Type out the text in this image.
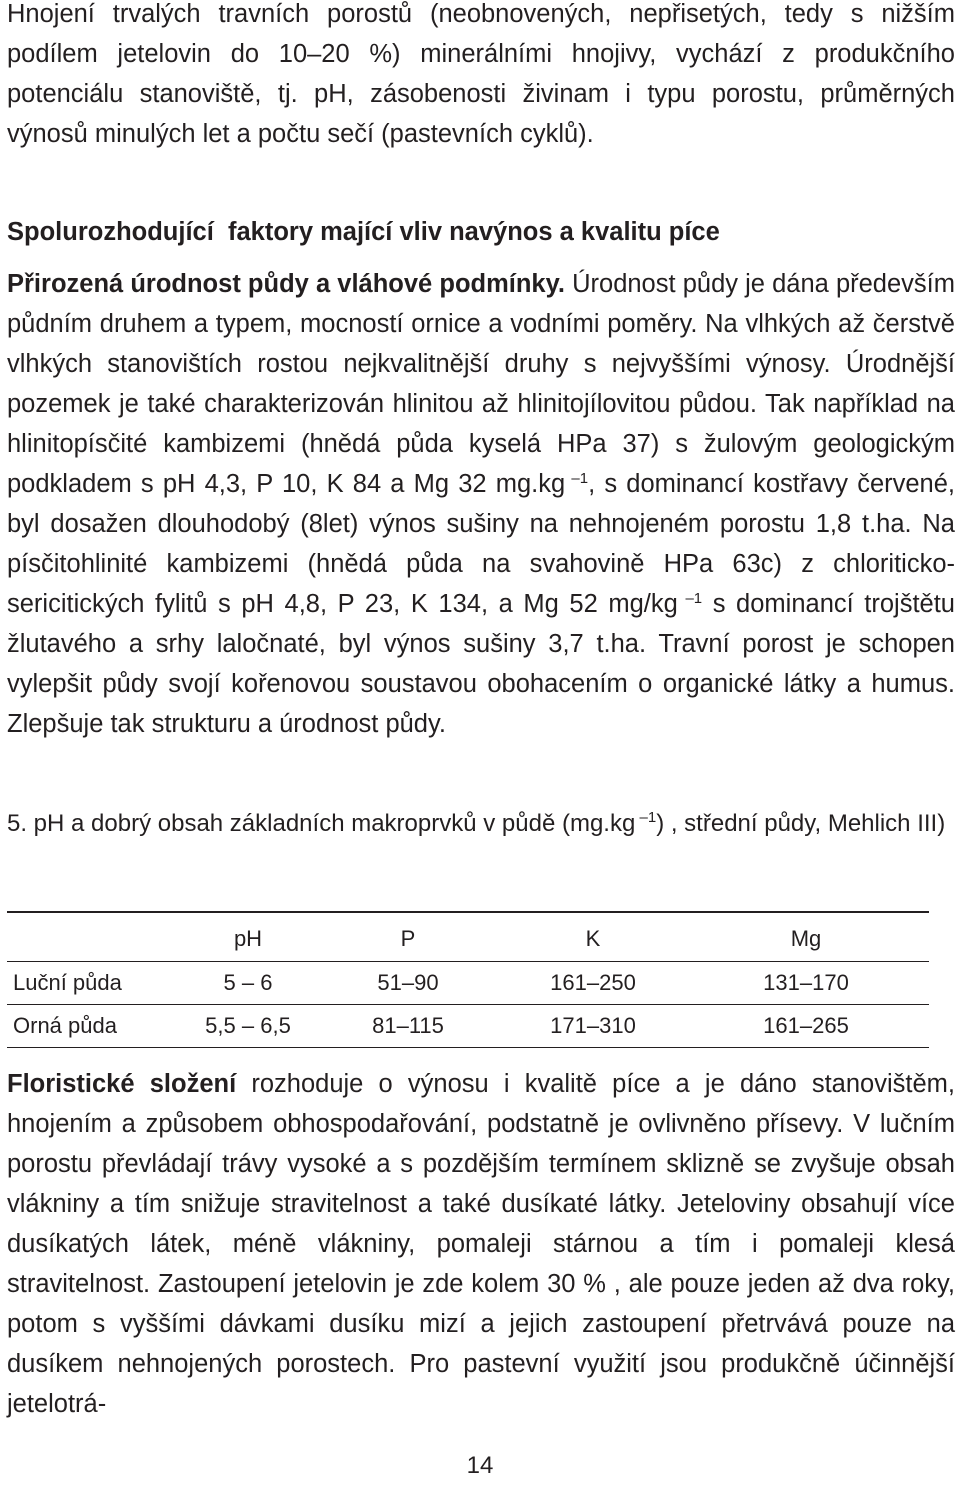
Hnojení trvalých travních porostů (neobnovených, nepřisetých, tedy s nižším podílem jetelovin do 10–20 %) minerálními hnojivy, vychází z produkčního potenciálu stanoviště, tj. pH, zásobenosti živinam i typu porostu, průměrných výnosů minulých let a počtu sečí (pastevních cyklů).

Spolurozhodující  faktory mající vliv navýnos a kvalitu píce

Přirozená úrodnost půdy a vláhové podmínky. Úrodnost půdy je dána především půdním druhem a typem, mocností ornice a vodními poměry. Na vlhkých až čerstvě vlhkých stanovištích rostou nejkvalitnější druhy s nejvyššími výnosy. Úrodnější pozemek je také charakterizován hlinitou až hlinitojílovitou půdou. Tak například na hlinitopísčité kambizemi (hnědá půda kyselá HPa 37) s žulovým geologickým podkladem s pH 4,3, P 10, K 84 a Mg 32 mg.kg $^{-1}$, s dominancí kostřavy červené, byl dosažen dlouhodobý (8let) výnos sušiny na nehnojeném porostu 1,8 t.ha. Na písčitohlinité kambizemi (hnědá půda na svahovině HPa 63c) z chloriticko-sericitických fylitů s pH 4,8, P 23, K 134, a Mg 52 mg/kg $^{-1}$ s dominancí trojštětu žlutavého a srhy laločnaté, byl výnos sušiny 3,7 t.ha. Travní porost je schopen vylepšit půdy svojí kořenovou soustavou obohacením o organické látky a humus. Zlepšuje tak strukturu a úrodnost půdy.

5. pH a dobrý obsah základních makroprvků v půdě (mg.kg $^{-1}$) , střední půdy, Mehlich III)

	pH	P	K	Mg
Luční půda	5 – 6	51–90	161–250	131–170
Orná půda	5,5 – 6,5	81–115	171–310	161–265

Floristické složení rozhoduje o výnosu i kvalitě píce a je dáno stanovištěm, hnojením a způsobem obhospodařování, podstatně je ovlivněno přísevy. V lučním porostu převládají trávy vysoké a s pozdějším termínem sklizně se zvyšuje obsah vlákniny a tím snižuje stravitelnost a také dusíkaté látky. Jeteloviny obsahují více dusíkatých látek, méně vlákniny, pomaleji stárnou a tím i pomaleji klesá stravitelnost. Zastoupení jetelovin je zde kolem 30 % , ale pouze jeden až dva roky, potom s vyššími dávkami dusíku mizí a jejich zastoupení přetrvává pouze na dusíkem nehnojených porostech. Pro pastevní využití jsou produkčně účinnější jetelotrá-

14
